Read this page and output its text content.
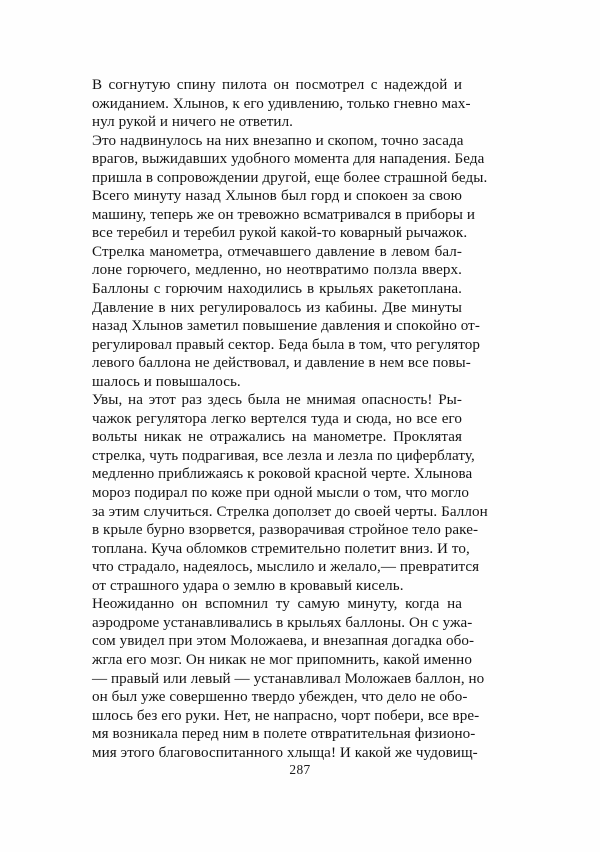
В согнутую спину пилота он посмотрел с надеждой и
ожиданием. Хлынов, к его удивлению, только гневно мах-
нул рукой и ничего не ответил.

Это надвинулось на них внезапно и скопом, точно засада
врагов, выжидавших удобного момента для нападения. Беда
пришла в сопровождении другой, еще более страшной беды.
Всего минуту назад Хлынов был горд и спокоен за свою
машину, теперь же он тревожно всматривался в приборы и
все теребил и теребил рукой какой-то коварный рычажок.

Стрелка манометра, отмечавшего давление в левом бал-
лоне горючего, медленно, но неотвратимо ползла вверх.
Баллоны с горючим находились в крыльях ракетоплана.
Давление в них регулировалось из кабины. Две минуты
назад Хлынов заметил повышение давления и спокойно от-
регулировал правый сектор. Беда была в том, что регулятор
левого баллона не действовал, и давление в нем все повы-
шалось и повышалось.

Увы, на этот раз здесь была не мнимая опасность! Ры-
чажок регулятора легко вертелся туда и сюда, но все его
вольты никак не отражались на манометре. Проклятая
стрелка, чуть подрагивая, все лезла и лезла по циферблату,
медленно приближаясь к роковой красной черте. Хлынова
мороз подирал по коже при одной мысли о том, что могло
за этим случиться. Стрелка доползет до своей черты. Баллон
в крыле бурно взорвется, разворачивая стройное тело раке-
топлана. Куча обломков стремительно полетит вниз. И то,
что страдало, надеялось, мыслило и желало,— превратится
от страшного удара о землю в кровавый кисель.

Неожиданно он вспомнил ту самую минуту, когда на
аэродроме устанавливались в крыльях баллоны. Он с ужа-
сом увидел при этом Моложаева, и внезапная догадка обо-
жгла его мозг. Он никак не мог припомнить, какой именно
— правый или левый — устанавливал Моложаев баллон, но
он был уже совершенно твердо убежден, что дело не обо-
шлось без его руки. Нет, не напрасно, чорт побери, все вре-
мя возникала перед ним в полете отвратительная физионо-
мия этого благовоспитанного хлыща! И какой же чудовищ-

287
